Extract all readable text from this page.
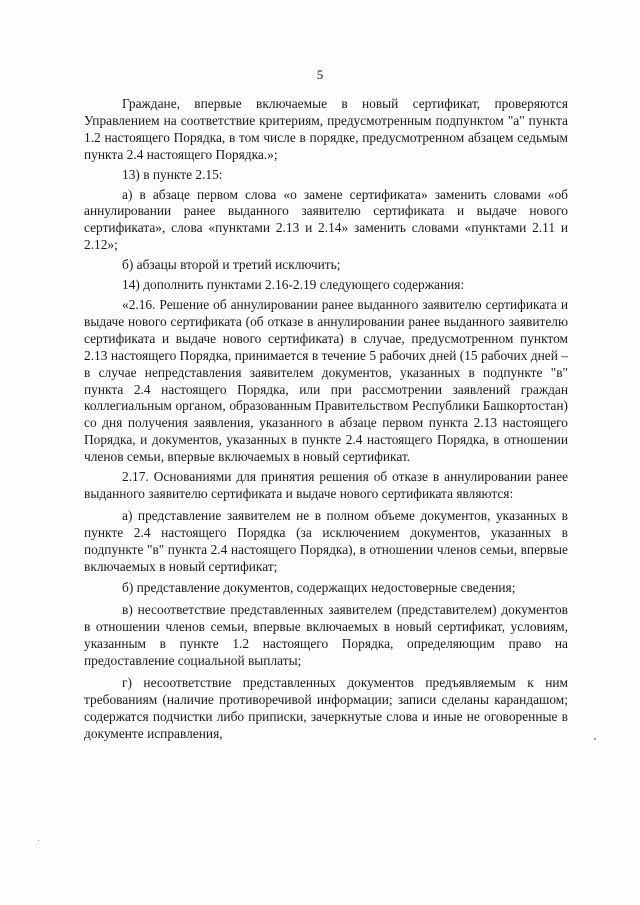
5

Граждане, впервые включаемые в новый сертификат, проверяются Управлением на соответствие критериям, предусмотренным подпунктом "а" пункта 1.2 настоящего Порядка, в том числе в порядке, предусмотренном абзацем седьмым пункта 2.4 настоящего Порядка.»;

13) в пункте 2.15:

а) в абзаце первом слова «о замене сертификата» заменить словами «об аннулировании ранее выданного заявителю сертификата и выдаче нового сертификата», слова «пунктами 2.13 и 2.14» заменить словами «пунктами 2.11 и 2.12»;

б) абзацы второй и третий исключить;

14) дополнить пунктами 2.16-2.19 следующего содержания:

«2.16. Решение об аннулировании ранее выданного заявителю сертификата и выдаче нового сертификата (об отказе в аннулировании ранее выданного заявителю сертификата и выдаче нового сертификата) в случае, предусмотренном пунктом 2.13 настоящего Порядка, принимается в течение 5 рабочих дней (15 рабочих дней – в случае непредставления заявителем документов, указанных в подпункте "в" пункта 2.4 настоящего Порядка, или при рассмотрении заявлений граждан коллегиальным органом, образованным Правительством Республики Башкортостан) со дня получения заявления, указанного в абзаце первом пункта 2.13 настоящего Порядка, и документов, указанных в пункте 2.4 настоящего Порядка, в отношении членов семьи, впервые включаемых в новый сертификат.

2.17. Основаниями для принятия решения об отказе в аннулировании ранее выданного заявителю сертификата и выдаче нового сертификата являются:

а) представление заявителем не в полном объеме документов, указанных в пункте 2.4 настоящего Порядка (за исключением документов, указанных в подпункте "в" пункта 2.4 настоящего Порядка), в отношении членов семьи, впервые включаемых в новый сертификат;

б) представление документов, содержащих недостоверные сведения;

в) несоответствие представленных заявителем (представителем) документов в отношении членов семьи, впервые включаемых в новый сертификат, условиям, указанным в пункте 1.2 настоящего Порядка, определяющим право на предоставление социальной выплаты;

г) несоответствие представленных документов предъявляемым к ним требованиям (наличие противоречивой информации; записи сделаны карандашом; содержатся подчистки либо приписки, зачеркнутые слова и иные не оговоренные в документе исправления,
